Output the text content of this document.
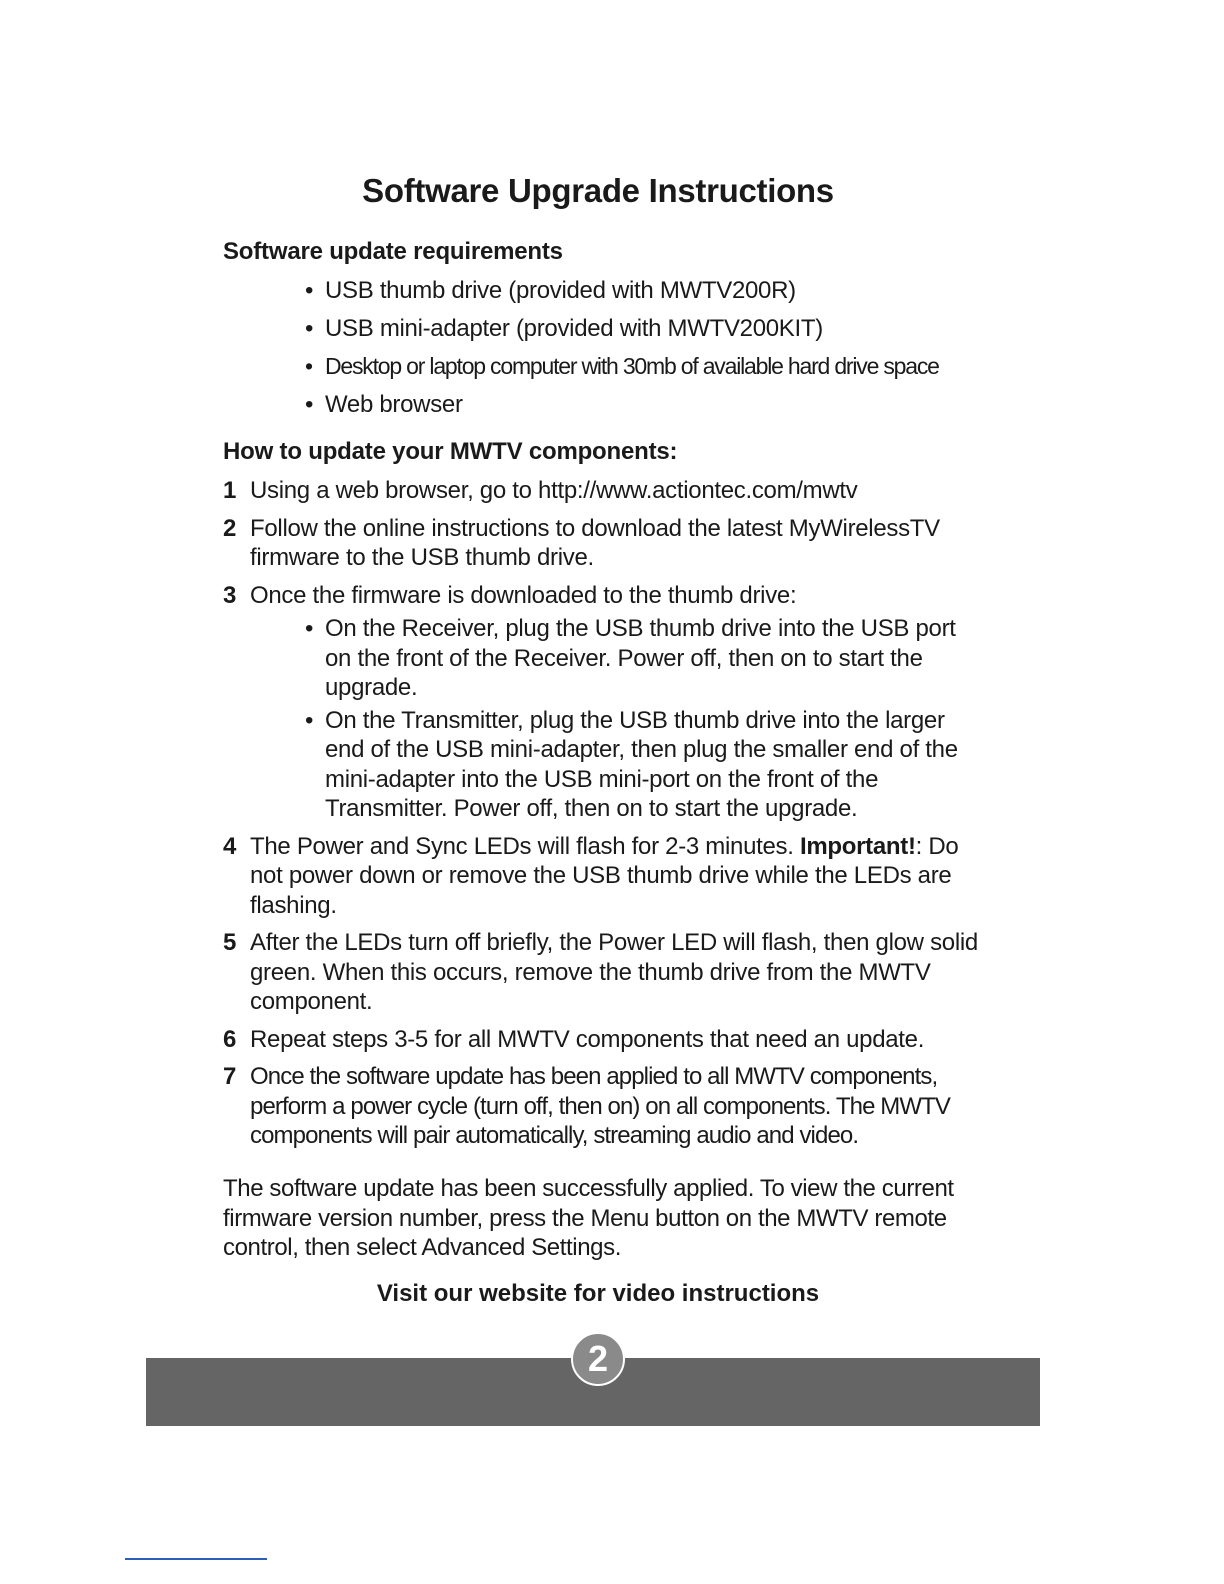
Software Upgrade Instructions
Software update requirements
• USB thumb drive (provided with MWTV200R)
• USB mini-adapter (provided with MWTV200KIT)
• Desktop or laptop computer with 30mb of available hard drive space
• Web browser
How to update your MWTV components:
1 Using a web browser, go to http://www.actiontec.com/mwtv
2 Follow the online instructions to download the latest MyWirelessTV firmware to the USB thumb drive.
3 Once the firmware is downloaded to the thumb drive:
• On the Receiver, plug the USB thumb drive into the USB port on the front of the Receiver. Power off, then on to start the upgrade.
• On the Transmitter, plug the USB thumb drive into the larger end of the USB mini-adapter, then plug the smaller end of the mini-adapter into the USB mini-port on the front of the Transmitter. Power off, then on to start the upgrade.
4 The Power and Sync LEDs will flash for 2-3 minutes. Important!: Do not power down or remove the USB thumb drive while the LEDs are flashing.
5 After the LEDs turn off briefly, the Power LED will flash, then glow solid green. When this occurs, remove the thumb drive from the MWTV component.
6 Repeat steps 3-5 for all MWTV components that need an update.
7 Once the software update has been applied to all MWTV components, perform a power cycle (turn off, then on) on all components. The MWTV components will pair automatically, streaming audio and video.

The software update has been successfully applied. To view the current firmware version number, press the Menu button on the MWTV remote control, then select Advanced Settings.

Visit our website for video instructions

2
